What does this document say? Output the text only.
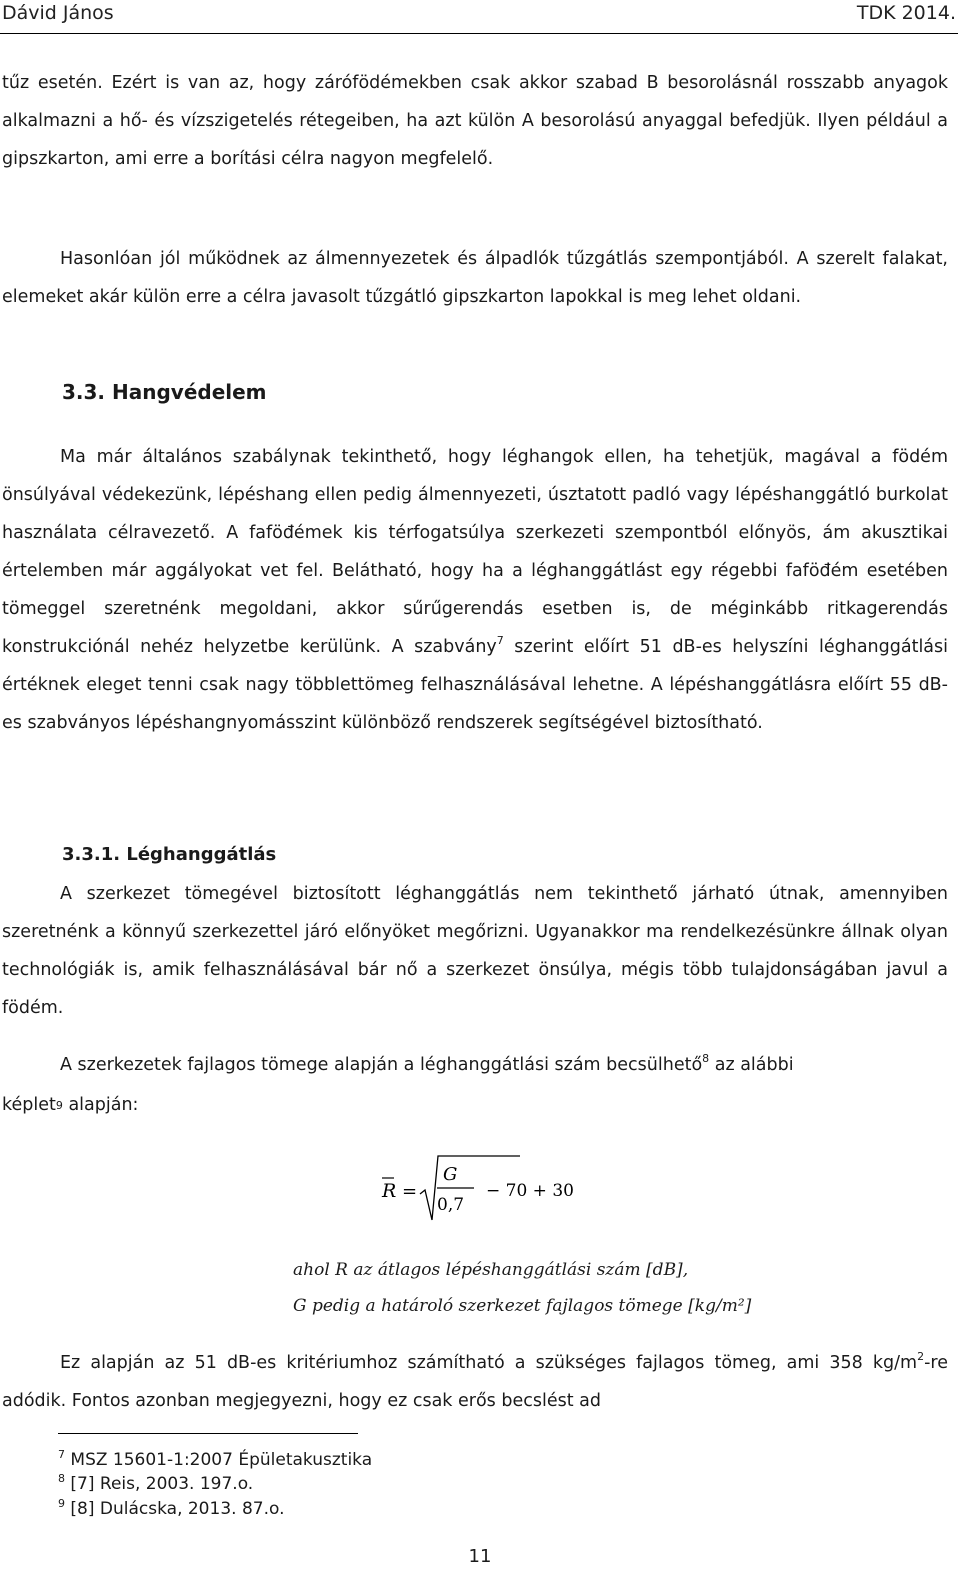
Dávid János	TDK 2014.
tűz esetén. Ezért is van az, hogy zárófödémekben csak akkor szabad B besorolásnál rosszabb anyagok alkalmazni a hő- és vízszigetelés rétegeiben, ha azt külön A besorolású anyaggal befedjük. Ilyen például a gipszkarton, ami erre a borítási célra nagyon megfelelő.
Hasonlóan jól működnek az álmennyezetek és álpadlók tűzgátlás szempontjából. A szerelt falakat, elemeket akár külön erre a célra javasolt tűzgátló gipszkarton lapokkal is meg lehet oldani.
3.3. Hangvédelem
Ma már általános szabálynak tekinthető, hogy léghangok ellen, ha tehetjük, magával a födém önsúlyával védekezünk, lépéshang ellen pedig álmennyezeti, úsztatott padló vagy lépéshanggátló burkolat használata célravezető. A faföđémek kis térfogatsúlya szerkezeti szempontból előnyös, ám akusztikai értelemben már aggályokat vet fel. Belátható, hogy ha a léghanggátlást egy régebbi faföđém esetében tömeggel szeretnénk megoldani, akkor sűrűgerendás esetben is, de méginkább ritkagerendás konstrukciónál nehéz helyzetbe kerülünk. A szabvány$^7$ szerint előírt 51 dB-es helyszíni léghanggátlási értéknek eleget tenni csak nagy többlettömeg felhasználásával lehetne. A lépéshanggátlásra előírt 55 dB-es szabványos lépéshangnyomásszint különböző rendszerek segítségével biztosítható.
3.3.1. Léghanggátlás
A szerkezet tömegével biztosított léghanggátlás nem tekinthető járható útnak, amennyiben szeretnénk a könnyű szerkezettel járó előnyöket megőrizni. Ugyanakkor ma rendelkezésünkre állnak olyan technológiák is, amik felhasználásával bár nő a szerkezet önsúlya, mégis több tulajdonságában javul a födém.
A szerkezetek fajlagos tömege alapján a léghanggátlási szám becsülhető$^8$ az alábbi
képlet9 alapján:
R =
G
0,7
− 70 + 30
ahol R az átlagos lépéshanggátlási szám [dB],
G pedig a határoló szerkezet fajlagos tömege [kg/m²]
Ez alapján az 51 dB-es kritériumhoz számítható a szükséges fajlagos tömeg, ami 358 $kg/m^2-re$ adódik. Fontos azonban megjegyezni, hogy ez csak erős becslést ad
$^7$ MSZ 15601-1:2007 Épületakusztika
$^8$ [7] Reis, 2003. 197.o.
$^9$ [8] Dulácska, 2013. 87.o.
11
